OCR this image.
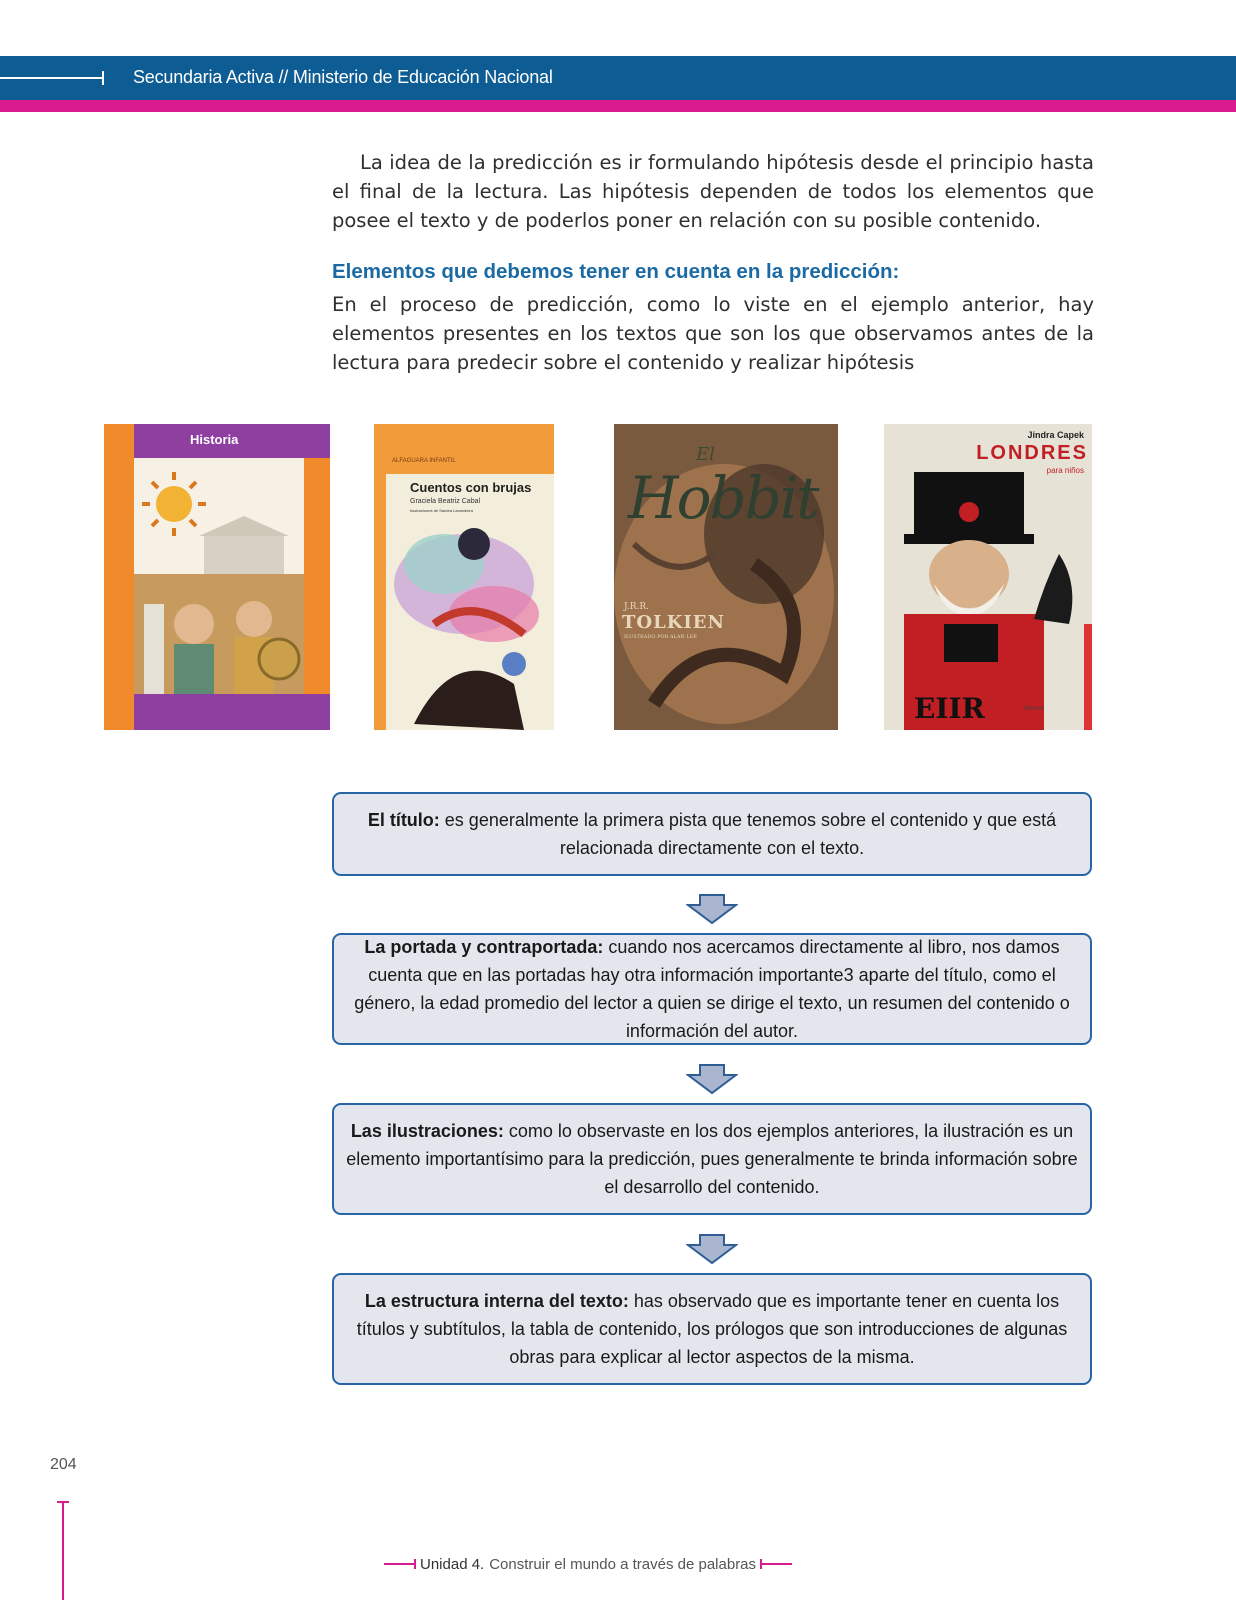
Secundaria Activa // Ministerio de Educación Nacional
La idea de la predicción es ir formulando hipótesis desde el principio hasta el final de la lectura. Las hipótesis dependen de todos los elementos que posee el texto y de poderlos poner en relación con su posible contenido.
Elementos que debemos tener en cuenta en la predicción:
En el proceso de predicción, como lo viste en el ejemplo anterior, hay elementos presentes en los textos que son los que observamos antes de la lectura para predecir sobre el contenido y realizar hipótesis
Historia
ALFAGUARA INFANTIL
Cuentos con brujas
Graciela Beatriz Cabal
Ilustraciones de Sandra Lavandeira
El
Hobbit
J.R.R.
TOLKIEN
ILUSTRADO POR ALAN LEE
Jindra Capek
LONDRES
para niños
EIIR	Narcea
El título: es generalmente la primera pista que tenemos sobre el contenido y que está relacionada directamente con el texto.
La portada y contraportada: cuando nos acercamos directamente al libro, nos damos cuenta que en las portadas hay otra información importante3 aparte del título, como el género, la edad promedio del lector a quien se dirige el texto, un resumen del contenido o información del autor.
Las ilustraciones: como lo observaste en los dos ejemplos anteriores, la ilustración es un elemento importantísimo para la predicción, pues generalmente te brinda información sobre el desarrollo del contenido.
La estructura interna del texto: has observado que es importante tener en cuenta los títulos y subtítulos, la tabla de contenido, los prólogos que son introducciones de algunas obras para explicar al lector aspectos de la misma.
204
Unidad 4. Construir el mundo a través de palabras
